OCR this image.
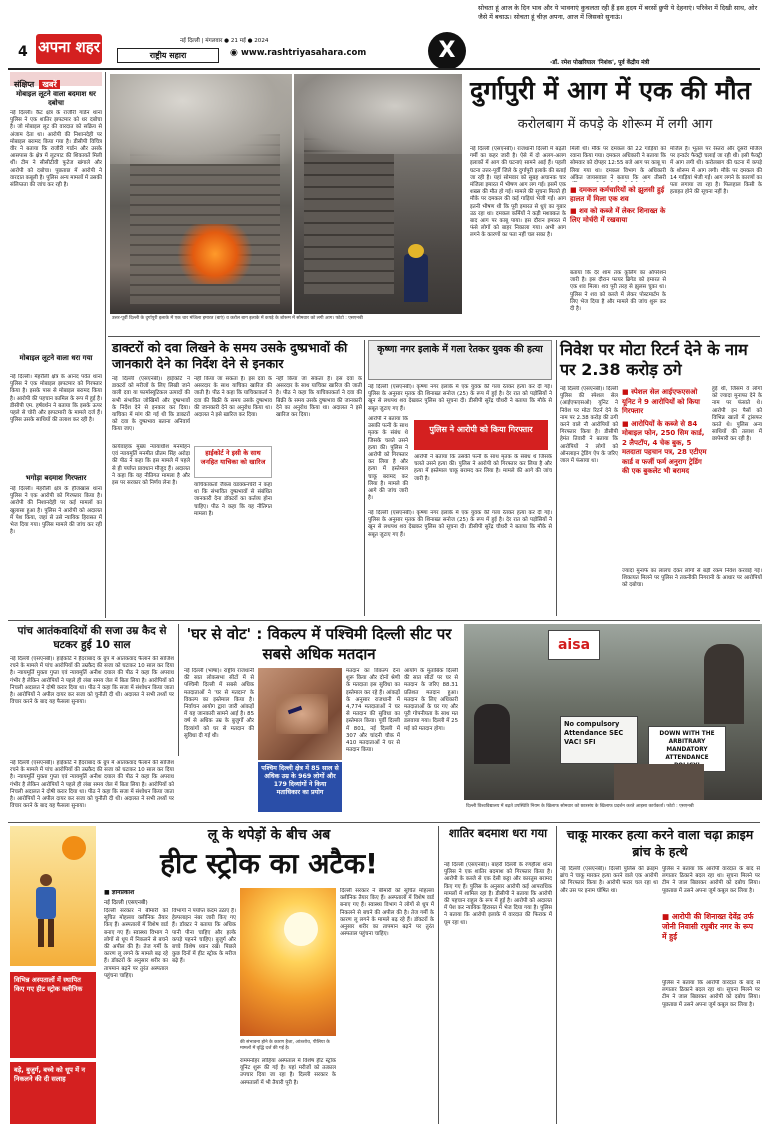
4 अपना शहर	नई दिल्ली | मंगलवार ● 21 मई ● 2024
राष्ट्रीय सहारा	◉ www.rashtriyasahara.com	X
सोचता हूं आज के दिन भाव और ये भावनाएं कुचलता रही हैं इस हृदय में बरसों छुपी ये देहनाएं। परिवेश में दिखी साथ, ओर जैसे में बचाऊ। सोचता हूं चीज़ अपना, आज में जिसको सुनाऊं।
-डॉ. रमेश पोखरियाल 'निशंक', पूर्व केंद्रीय मंत्री
संक्षिप्त खबरें
मोबाइल लूटने वाला बदमाश धर दबोचा
नई दिल्ली। कैंट क्षेत्र के राजौरी गार्डन थाना पुलिस ने एक शातिर झपटमार को धर दबोचा है। जो मोबाइल लूट की वारदात को सक्रिय से अंजाम देता था। आरोपी की निशानदेही पर मोबाइल बरामद किया गया है। डीसीपी विचित्र वीर ने बताया कि राजौरी गार्डन और उसके आसपास के क्षेत्र में लूटपाट की शिकायतें मिली थीं। टीम ने सीसीटीवी फुटेज खंगाले और आरोपी को दबोचा। पूछताछ में आरोपी ने वारदात कबूली है। पुलिस अन्य मामलों में उसकी संलिप्तता की जांच कर रही है।
मोबाइल लूटने वाला धरा गया
नई दिल्ली। मेहरौली क्षेत्र के आनंद पर्वत थाना पुलिस ने एक मोबाइल झपटमार को गिरफ्तार किया है। इसके पास से मोबाइल बरामद किया है। आरोपी की पहचान कामिल के रूप में हुई है। डीसीपी एम. हर्षवर्धन ने बताया कि इसके ऊपर पहले से चोरी और झपटमारी के मामले दर्ज हैं। पुलिस उसके साथियों की तलाश कर रही है।
भगोड़ा बदमाश गिरफ्तार
नई दिल्ली। मेहरौली क्षेत्र के हौजखास थाना पुलिस ने एक आरोपी को गिरफ्तार किया है। आरोपी की निशानदेही पर कई मामलों का खुलासा हुआ है। पुलिस ने आरोपी को अदालत में पेश किया, जहां से उसे न्यायिक हिरासत में भेज दिया गया। पुलिस मामले की जांच कर रही है।
उत्तर-पूर्वी दिल्ली के दुर्गापुरी इलाके में एक चार मंजिला इमारत (बाएं) व करोल बाग इलाके में कपड़े के शोरूम में सोमवार को लगी आग। फोटो : एसएनबी
दुर्गापुरी में आग में एक की मौत
करोलबाग में कपड़े के शोरूम में लगी आग
नई दिल्ली (एसएनबी)। राजधानी दिल्ली में बढ़ती गर्मी का कहर जारी है। ऐसे में दो अलग-अलग इलाकों में आग की घटनाएं सामने आई हैं। पहली घटना उत्तर-पूर्वी जिले के दुर्गापुरी इलाके की बताई जा रही है। यहां सोमवार को सुबह अचानक चार मंजिला इमारत में भीषण आग लग गई। इसमें एक शख्स की मौत हो गई। मामले की सूचना मिलते ही मौके पर दमकल की कई गाड़ियां भेजी गईं। आग इतनी भीषण थी कि पूरी इमारत से धुएं का गुबार उठ रहा था। दमकल कर्मियों ने कड़ी मशक्कत के बाद आग पर काबू पाया। इस दौरान इमारत में फंसे लोगों को बाहर निकाला गया। अभी आग लगने के कारणों का पता नहीं चल सका है।
मिली थी। मौके पर दमकल की 22 गाड़ियों को रवाना किया गया। दमकल अधिकारी ने बताया कि सोमवार को दोपहर 12:55 बजे आग पर काबू पा लिया गया था। दमकल विभाग के अधिकारी अंकित जायसवाल ने बताया कि आग तीसरी
■ दमकल कर्मचारियों को झुलसी हुई हालत में मिला एक शव
■ शव को कब्जे में लेकर शिनाख्त के लिए मोर्चरी में रखवाया
बताया कि देर शाम तक कूलिंग का ऑपरेशन जारी है। इस दौरान फायर ब्रिगेड को इमारत से एक शव मिला। शव पूरी तरह से झुलस चुका था। पुलिस ने शव को कब्जे में लेकर पोस्टमार्टम के लिए भेज दिया है और मामले की जांच शुरू कर दी है।
मंजिल हैं। भूतल पर रेस्तरां और दूसरी मंजिल पर इन्वर्टर फैक्ट्री चलाई जा रही थी। इसी फैक्ट्री में आग लगी थी। करोलबाग की घटना में कपड़े के शोरूम में आग लगी। मौके पर दमकल की 14 गाड़ियां भेजी गईं। आग लगने के कारणों का पता लगाया जा रहा है। फिलहाल किसी के हताहत होने की सूचना नहीं है।
डाक्टरों को दवा लिखने के समय उसके दुष्प्रभावों की जानकारी देने का निर्देश देने से इनकार
नई दिल्ली (एसएनबी)। हाईकोर्ट ने डाक्टरों को मरीजों के लिए लिखी जाने वाली दवा या फार्मास्युटिकल उत्पादों की सभी संभावित जोखिमों और दुष्प्रभावों के निर्देश देने से इनकार कर दिया। याचिका में मांग की गई थी कि डाक्टरों को दवा के दुष्प्रभाव बताना अनिवार्य किया जाए।
कार्यवाहक मुख्य न्यायाधीश मनमोहन एवं न्यायमूर्ति मनमीत प्रीतम सिंह अरोड़ा की पीठ ने कहा कि इस मामले में पहले से ही पर्याप्त प्रावधान मौजूद हैं। अदालत ने कहा कि यह नीतिगत मामला है और इस पर सरकार को निर्णय लेना है।
हाईकोर्ट ने इसी के साथ जनहित याचिका को खारिज
नहीं किया जा सकता है। इस दवा के असरदार के साथ याचिका खारिज की जाती है। पीठ ने कहा कि याचिकाकर्ता ने दवा की बिक्री के समय उसके दुष्प्रभाव की जानकारी देने का अनुरोध किया था। अदालत ने इसे खारिज कर दिया।
याचिकाकर्ता जैकब वडक्कनचेरी ने कहा था कि संभावित दुष्प्रभावों से संबंधित जानकारी देना डॉक्टरों का कर्तव्य होना चाहिए। पीठ ने कहा कि यह नीतिगत मामला है।
नहीं किया जा सकता है। इस दवा के असरदार के साथ याचिका खारिज की जाती है। पीठ ने कहा कि याचिकाकर्ता ने दवा की बिक्री के समय उसके दुष्प्रभाव की जानकारी देने का अनुरोध किया था। अदालत ने इसे खारिज कर दिया।
कृष्णा नगर इलाके में गला रेतकर युवक की हत्या
नई दिल्ली (एसएनबी)। कृष्णा नगर इलाके में एक युवक की गला रेतकर हत्या कर दी गई। पुलिस के अनुसार मृतक की शिनाख्त सनोज (25) के रूप में हुई है। देर रात को पड़ोसियों ने खून से लथपथ शव देखकर पुलिस को सूचना दी। डीसीपी सुरेंद्र चौधरी ने बताया कि मौके से सबूत जुटाए गए हैं।
आरोपी ने बताया कि उसकी पत्नी के साथ मृतक के संबंध थे जिसके चलते उसने हत्या की। पुलिस ने आरोपी को गिरफ्तार कर लिया है और हत्या में इस्तेमाल चाकू बरामद कर लिया है। मामले की आगे की जांच जारी है।
पुलिस ने आरोपी को किया गिरफ्तार
आरोपी ने बताया कि उसकी पत्नी के साथ मृतक के संबंध थे जिसके चलते उसने हत्या की। पुलिस ने आरोपी को गिरफ्तार कर लिया है और हत्या में इस्तेमाल चाकू बरामद कर लिया है। मामले की आगे की जांच जारी है।
नई दिल्ली (एसएनबी)। कृष्णा नगर इलाके में एक युवक की गला रेतकर हत्या कर दी गई। पुलिस के अनुसार मृतक की शिनाख्त सनोज (25) के रूप में हुई है। देर रात को पड़ोसियों ने खून से लथपथ शव देखकर पुलिस को सूचना दी। डीसीपी सुरेंद्र चौधरी ने बताया कि मौके से सबूत जुटाए गए हैं।
निवेश पर मोटा रिटर्न देने के नाम पर 2.38 करोड़ ठगे
नई दिल्ली (एसएनबी)। दिल्ली पुलिस की स्पेशल सेल (आईएफएसओ) यूनिट ने निवेश पर मोटा रिटर्न देने के नाम पर 2.38 करोड़ की ठगी करने वाले नौ आरोपियों को गिरफ्तार किया है। डीसीपी हेमंत तिवारी ने बताया कि आरोपियों ने लोगों को ऑनलाइन ट्रेडिंग ऐप के जरिए जाल में फंसाया था।
■ स्पेशल सेल आईएफएसओ यूनिट ने 9 आरोपियों को किया गिरफ्तार
■ आरोपियों के कब्जे से 84 मोबाइल फोन, 250 सिम कार्ड, 2 लैपटॉप, 4 चेक बुक, 5 मतदाता पहचान पत्र, 28 एटीएम कार्ड व फर्जी फर्म अनुराग ट्रेडिंग की एक बुकलेट भी बरामद
हुई थी, जिसमें वे लोगों को ज्यादा मुनाफा देने के नाम पर फंसाते थे। आरोपी इन पैसों को विभिन्न खातों में ट्रांसफर करते थे। पुलिस अन्य साथियों की तलाश में छापेमारी कर रही है।
ज्यादा मुनाफे का लालच देकर लोगों से बड़ी रकम निवेश करवाई गई। शिकायत मिलने पर पुलिस ने तकनीकी निगरानी के आधार पर आरोपियों को दबोचा।
पांच आतंकवादियों की सजा उम्र कैद से घटकर हुई 10 साल
नई दिल्ली (एसएनबी)। हाईकोर्ट ने हैदराबाद के ग्रुप में आतंकवाद फैलाने की साजिश रचने के मामले में पांच आरोपियों की उम्रकैद की सजा को घटाकर 10 साल कर दिया है। न्यायमूर्ति मुक्ता गुप्ता एवं न्यायमूर्ति अनीश दयाल की पीठ ने कहा कि अपराध गंभीर है लेकिन आरोपियों ने पहले ही लंबा समय जेल में बिता लिया है। आरोपियों को निचली अदालत ने दोषी करार दिया था। पीठ ने कहा कि सजा में संशोधन किया जाता है। आरोपियों ने अपील दायर कर सजा को चुनौती दी थी। अदालत ने सभी तथ्यों पर विचार करने के बाद यह फैसला सुनाया।
'घर से वोट' : विकल्प में पश्चिमी दिल्ली सीट पर सबसे अधिक मतदान
नई दिल्ली (भाषा)। राष्ट्रीय राजधानी की सात लोकसभा सीटों में से पश्चिमी दिल्ली में सबसे अधिक मतदाताओं ने 'घर से मतदान' के विकल्प का इस्तेमाल किया है। निर्वाचन आयोग द्वारा जारी आंकड़ों में यह जानकारी सामने आई है। 85 वर्ष से अधिक उम्र के बुजुर्गों और दिव्यांगों को घर से मतदान की सुविधा दी गई थी।
पश्चिम दिल्ली क्षेत्र में 85 साल से अधिक उम्र के 969 लोगों और 179 दिव्यांगों ने किया मताधिकार का प्रयोग
मतदान का विकल्प देना शुरू किया और दोनों श्रेणी के मतदाता इस सुविधा का इस्तेमाल कर रहे हैं। आंकड़ों के अनुसार राजधानी में 4,774 मतदाताओं ने घर से मतदान की सुविधा का इस्तेमाल किया। पूर्वी दिल्ली में 801, नई दिल्ली में 307 और चांदनी चौक में 410 मतदाताओं ने घर से मतदान किया।
आयोग के मुताबिक दिल्ली की सात सीटों पर घर से मतदान के जरिए 88.31 प्रतिशत मतदान हुआ। मतदान के लिए अधिकारी मतदाताओं के घर गए और पूरी गोपनीयता के साथ मत डलवाया गया। दिल्ली में 25 मई को मतदान होगा।
aisa
No compulsory Attendance SEC VAC! SFI
DOWN WITH THE ARBITRARY MANDATORY ATTENDANCE
दिल्ली विश्वविद्यालय में बढ़ते उपस्थिति नियम के खिलाफ सोमवार को छात्रसंघ के खिलाफ प्रदर्शन करते आइसा कार्यकर्ता। फोटो : एसएनबी
नई दिल्ली (एसएनबी)। हाईकोर्ट ने हैदराबाद के ग्रुप में आतंकवाद फैलाने की साजिश रचने के मामले में पांच आरोपियों की उम्रकैद की सजा को घटाकर 10 साल कर दिया है। न्यायमूर्ति मुक्ता गुप्ता एवं न्यायमूर्ति अनीश दयाल की पीठ ने कहा कि अपराध गंभीर है लेकिन आरोपियों ने पहले ही लंबा समय जेल में बिता लिया है। आरोपियों को निचली अदालत ने दोषी करार दिया था। पीठ ने कहा कि सजा में संशोधन किया जाता है। आरोपियों ने अपील दायर कर सजा को चुनौती दी थी। अदालत ने सभी तथ्यों पर विचार करने के बाद यह फैसला सुनाया।
विभिन्न अस्पतालों में स्थापित किए गए हीट स्ट्रोक क्लीनिक
बड़े, बुजुर्ग, बच्चे को धूप में न निकलने की दी सलाह
लू के थपेड़ों के बीच अब
हीट स्ट्रोक का अटैक!
■ ज्ञानप्रकाश
नई दिल्ली (एसएनबी)
दिल्ली सरकार ने बीमारी को सूचित मोहल्ला क्लीनिक तैयार किए हैं। अस्पतालों में विशेष वार्ड बनाए गए हैं। स्वास्थ्य विभाग ने लोगों से धूप में निकलने से बचने की अपील की है। तेज गर्मी के कारण लू लगने के मामले बढ़ रहे हैं। डॉक्टरों के अनुसार शरीर का तापमान बढ़ने पर तुरंत अस्पताल पहुंचना चाहिए।
विभागों ने पर्याप्त कदम उठाए हैं। हेल्पलाइन नंबर जारी किए गए हैं। डॉक्टर ने बताया कि अधिक पानी पीना चाहिए और हल्के कपड़े पहनने चाहिए। बुजुर्ग और बच्चे विशेष ध्यान रखें। पिछले कुछ दिनों में हीट स्ट्रोक के मरीज बढ़े हैं।
की संभावना होने के कारण हैजा, आंत्रशोथ, पीलिया के मामलों में वृद्धि दर्ज की गई है।
राममनोहर लोहिया अस्पताल में विशेष हीट स्ट्रोक यूनिट शुरू की गई है। यहां मरीजों को तत्काल उपचार दिया जा रहा है। दिल्ली सरकार के अस्पतालों में भी तैयारी पूरी है।
दिल्ली सरकार ने बीमारी को सूचित मोहल्ला क्लीनिक तैयार किए हैं। अस्पतालों में विशेष वार्ड बनाए गए हैं। स्वास्थ्य विभाग ने लोगों से धूप में निकलने से बचने की अपील की है। तेज गर्मी के कारण लू लगने के मामले बढ़ रहे हैं। डॉक्टरों के अनुसार शरीर का तापमान बढ़ने पर तुरंत अस्पताल पहुंचना चाहिए।
शातिर बदमाश धरा गया
नई दिल्ली (एसएनबी)। बाहरी दिल्ली के रणहौला थाना पुलिस ने एक शातिर बदमाश को गिरफ्तार किया है। आरोपी के कब्जे से एक देसी कट्टा और कारतूस बरामद किए गए हैं। पुलिस के अनुसार आरोपी कई आपराधिक मामलों में शामिल रहा है। डीसीपी ने बताया कि आरोपी की पहचान राहुल के रूप में हुई है। आरोपी को अदालत में पेश कर न्यायिक हिरासत में भेज दिया गया है। पुलिस ने बताया कि आरोपी इलाके में वारदात की फिराक में घूम रहा था।
चाकू मारकर हत्या करने वाला चढ़ा क्राइम ब्रांच के हत्थे
नई दिल्ली (एसएनबी)। दिल्ली पुलिस की क्राइम ब्रांच ने चाकू मारकर हत्या करने वाले एक आरोपी को गिरफ्तार किया है। आरोपी फरार चल रहा था और उस पर इनाम घोषित था।
■ आरोपी की शिनाख्त देवेंद्र उर्फ जोनी निवासी रघुबीर नगर के रूप में हुई
पुलिस ने बताया कि आरोपी वारदात के बाद से लगातार ठिकाने बदल रहा था। सूचना मिलने पर टीम ने जाल बिछाकर आरोपी को दबोच लिया। पूछताछ में उसने अपना जुर्म कबूल कर लिया है।
पुलिस ने बताया कि आरोपी वारदात के बाद से लगातार ठिकाने बदल रहा था। सूचना मिलने पर टीम ने जाल बिछाकर आरोपी को दबोच लिया। पूछताछ में उसने अपना जुर्म कबूल कर लिया है।
